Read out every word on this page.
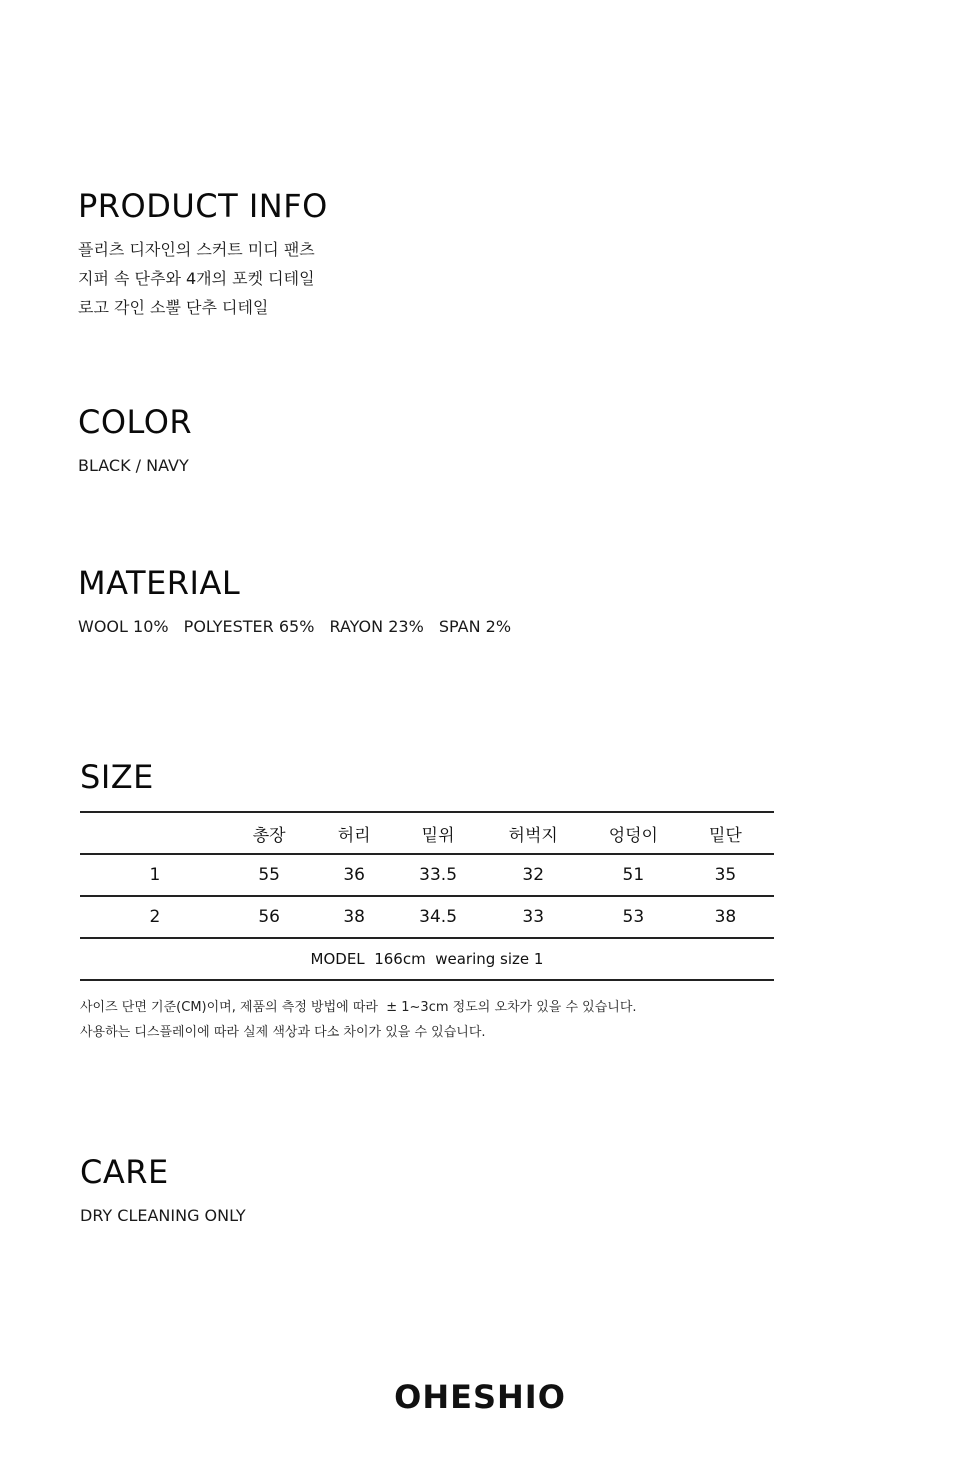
PRODUCT INFO
플리츠 디자인의 스커트 미디 팬츠
지퍼 속 단추와 4개의 포켓 디테일
로고 각인 소뿔 단추 디테일
COLOR
BLACK / NAVY
MATERIAL
WOOL 10% POLYESTER 65% RAYON 23% SPAN 2%
SIZE
	총장	허리	밑위	허벅지	엉덩이	밑단
1	55	36	33.5	32	51	35
2	56	38	34.5	33	53	38
MODEL  166cm  wearing size 1						
사이즈 단면 기준(CM)이며, 제품의 측정 방법에 따라  ± 1~3cm 정도의 오차가 있을 수 있습니다.
사용하는 디스플레이에 따라 실제 색상과 다소 차이가 있을 수 있습니다.
CARE
DRY CLEANING ONLY
OHESHIO
